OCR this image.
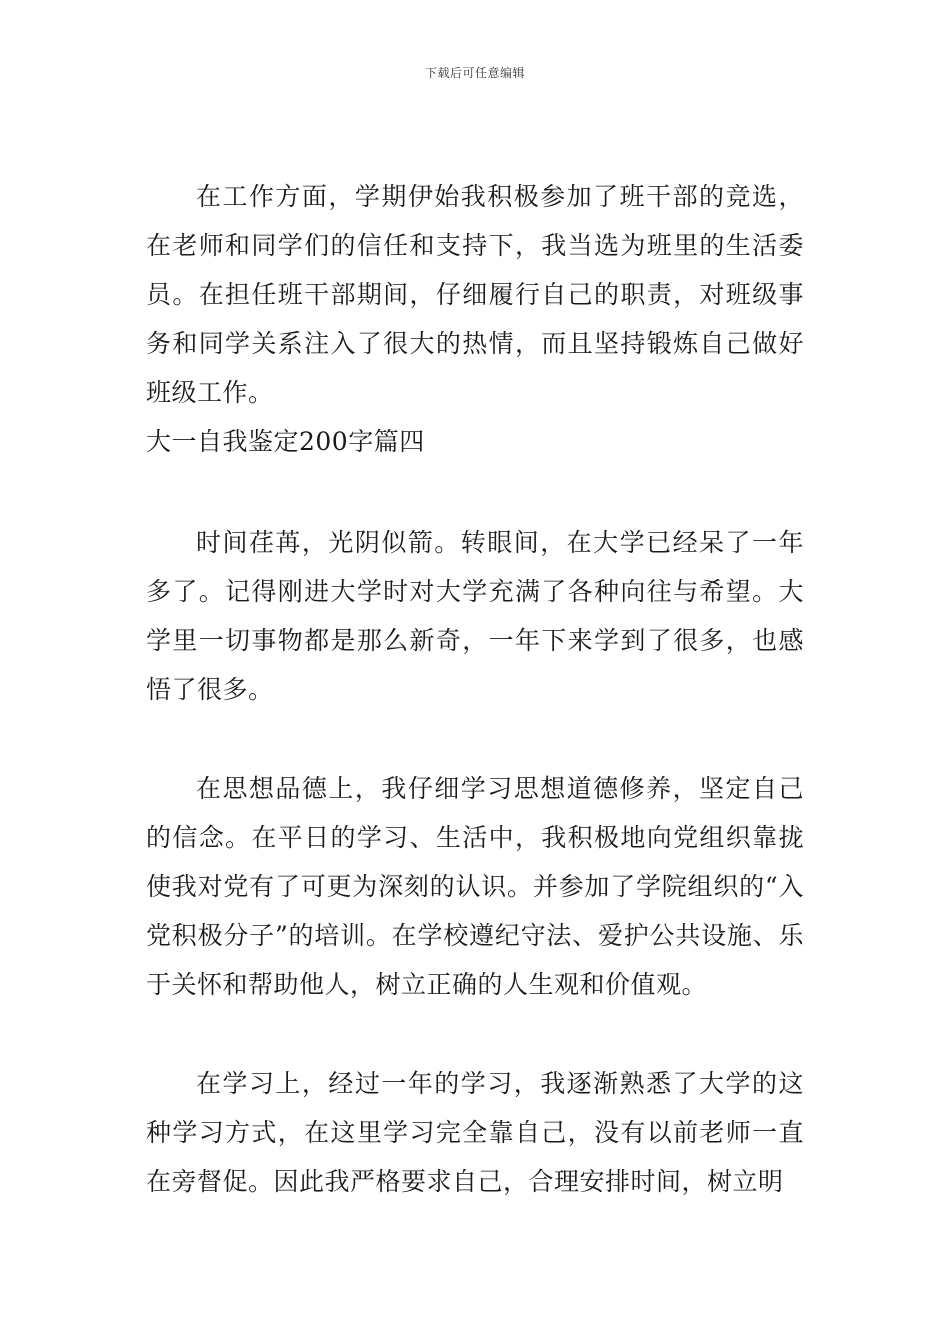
下载后可任意编辑

在工作方面，学期伊始我积极参加了班干部的竞选，在老师和同学们的信任和支持下，我当选为班里的生活委员。在担任班干部期间，仔细履行自己的职责，对班级事务和同学关系注入了很大的热情，而且坚持锻炼自己做好班级工作。

大一自我鉴定200字篇四

时间荏苒，光阴似箭。转眼间，在大学已经呆了一年多了。记得刚进大学时对大学充满了各种向往与希望。大学里一切事物都是那么新奇，一年下来学到了很多，也感悟了很多。

在思想品德上，我仔细学习思想道德修养，坚定自己的信念。在平日的学习、生活中，我积极地向党组织靠拢使我对党有了可更为深刻的认识。并参加了学院组织的“入党积极分子”的培训。在学校遵纪守法、爱护公共设施、乐于关怀和帮助他人，树立正确的人生观和价值观。

在学习上，经过一年的学习，我逐渐熟悉了大学的这种学习方式，在这里学习完全靠自己，没有以前老师一直在旁督促。因此我严格要求自己，合理安排时间，树立明
